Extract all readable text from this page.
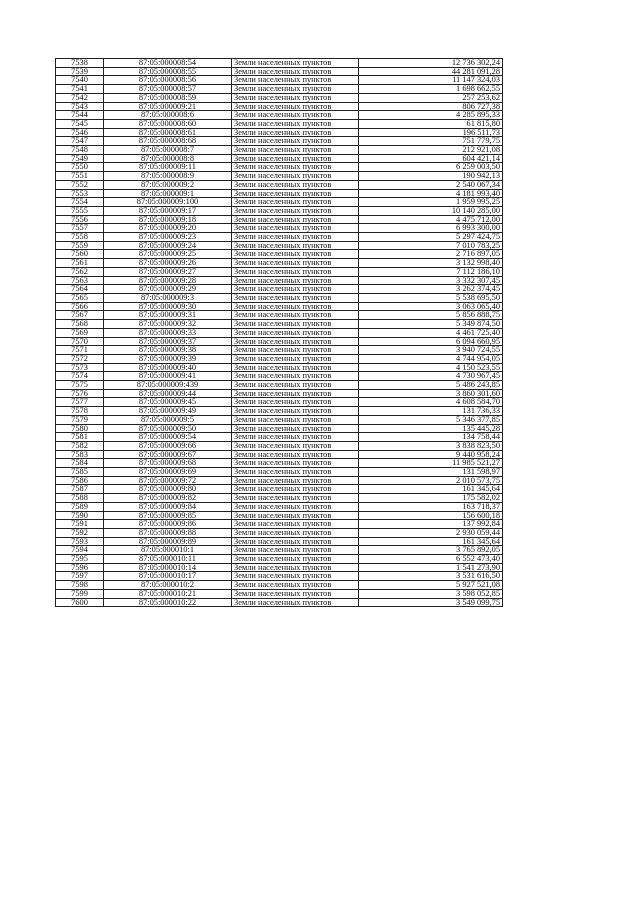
7538	87:05:000008:54	Земли населенных пунктов	12 736 302,24
7539	87:05:000008:55	Земли населенных пунктов	44 281 091,28
7540	87:05:000008:56	Земли населенных пунктов	11 147 324,03
7541	87:05:000008:57	Земли населенных пунктов	1 698 662,55
7542	87:05:000008:59	Земли населенных пунктов	257 253,62
7543	87:05:000009:21	Земли населенных пунктов	806 727,38
7544	87:05:000008:6	Земли населенных пунктов	4 285 895,33
7545	87:05:000008:60	Земли населенных пунктов	61 815,80
7546	87:05:000008:61	Земли населенных пунктов	196 511,73
7547	87:05:000008:68	Земли населенных пунктов	751 779,75
7548	87:05:000008:7	Земли населенных пунктов	212 921,08
7549	87:05:000008:8	Земли населенных пунктов	604 421,14
7550	87:05:000009:11	Земли населенных пунктов	6 259 003,50
7551	87:05:000008:9	Земли населенных пунктов	190 942,13
7552	87:05:000009:2	Земли населенных пунктов	2 540 067,34
7553	87:05:000009:1	Земли населенных пунктов	4 181 993,40
7554	87:05:000009:100	Земли населенных пунктов	1 959 995,25
7555	87:05:000009:17	Земли населенных пунктов	10 140 285,00
7556	87:05:000009:18	Земли населенных пунктов	4 475 712,00
7557	87:05:000009:20	Земли населенных пунктов	6 993 300,00
7558	87:05:000009:23	Земли населенных пунктов	5 297 424,75
7559	87:05:000009:24	Земли населенных пунктов	7 010 783,25
7560	87:05:000009:25	Земли населенных пунктов	2 716 897,05
7561	87:05:000009:26	Земли населенных пунктов	3 132 998,40
7562	87:05:000009:27	Земли населенных пунктов	7 112 186,10
7563	87:05:000009:28	Земли населенных пунктов	3 332 307,45
7564	87:05:000009:29	Земли населенных пунктов	3 262 374,45
7565	87:05:000009:3	Земли населенных пунктов	5 538 695,50
7566	87:05:000009:30	Земли населенных пунктов	3 063 065,40
7567	87:05:000009:31	Земли населенных пунктов	5 856 888,75
7568	87:05:000009:32	Земли населенных пунктов	5 349 874,50
7569	87:05:000009:33	Земли населенных пунктов	4 461 725,40
7570	87:05:000009:37	Земли населенных пунктов	6 094 660,95
7571	87:05:000009:38	Земли населенных пунктов	3 940 724,55
7572	87:05:000009:39	Земли населенных пунктов	4 744 954,05
7573	87:05:000009:40	Земли населенных пунктов	4 150 523,55
7574	87:05:000009:41	Земли населенных пунктов	4 730 967,45
7575	87:05:000009:439	Земли населенных пунктов	5 486 243,85
7576	87:05:000009:44	Земли населенных пунктов	3 860 301,60
7577	87:05:000009:45	Земли населенных пунктов	4 608 584,70
7578	87:05:000009:49	Земли населенных пунктов	131 736,33
7579	87:05:000009:5	Земли населенных пунктов	5 346 377,85
7580	87:05:000009:50	Земли населенных пунктов	135 445,28
7581	87:05:000009:54	Земли населенных пунктов	134 758,44
7582	87:05:000009:66	Земли населенных пунктов	3 838 823,50
7583	87:05:000009:67	Земли населенных пунктов	9 440 958,24
7584	87:05:000009:68	Земли населенных пунктов	11 985 521,27
7585	87:05:000009:69	Земли населенных пунктов	131 598,97
7586	87:05:000009:72	Земли населенных пунктов	2 010 573,75
7587	87:05:000009:80	Земли населенных пунктов	161 345,64
7588	87:05:000009:82	Земли населенных пунктов	175 582,02
7589	87:05:000009:84	Земли населенных пунктов	163 718,37
7590	87:05:000009:85	Земли населенных пунктов	156 600,18
7591	87:05:000009:86	Земли населенных пунктов	137 992,84
7592	87:05:000009:88	Земли населенных пунктов	2 930 059,44
7593	87:05:000009:89	Земли населенных пунктов	161 345,64
7594	87:05:000010:1	Земли населенных пунктов	3 765 892,05
7595	87:05:000010:11	Земли населенных пунктов	6 552 473,40
7596	87:05:000010:14	Земли населенных пунктов	1 541 273,90
7597	87:05:000010:17	Земли населенных пунктов	3 531 616,50
7598	87:05:000010:2	Земли населенных пунктов	5 927 521,08
7599	87:05:000010:21	Земли населенных пунктов	3 598 052,85
7600	87:05:000010:22	Земли населенных пунктов	3 549 099,75
